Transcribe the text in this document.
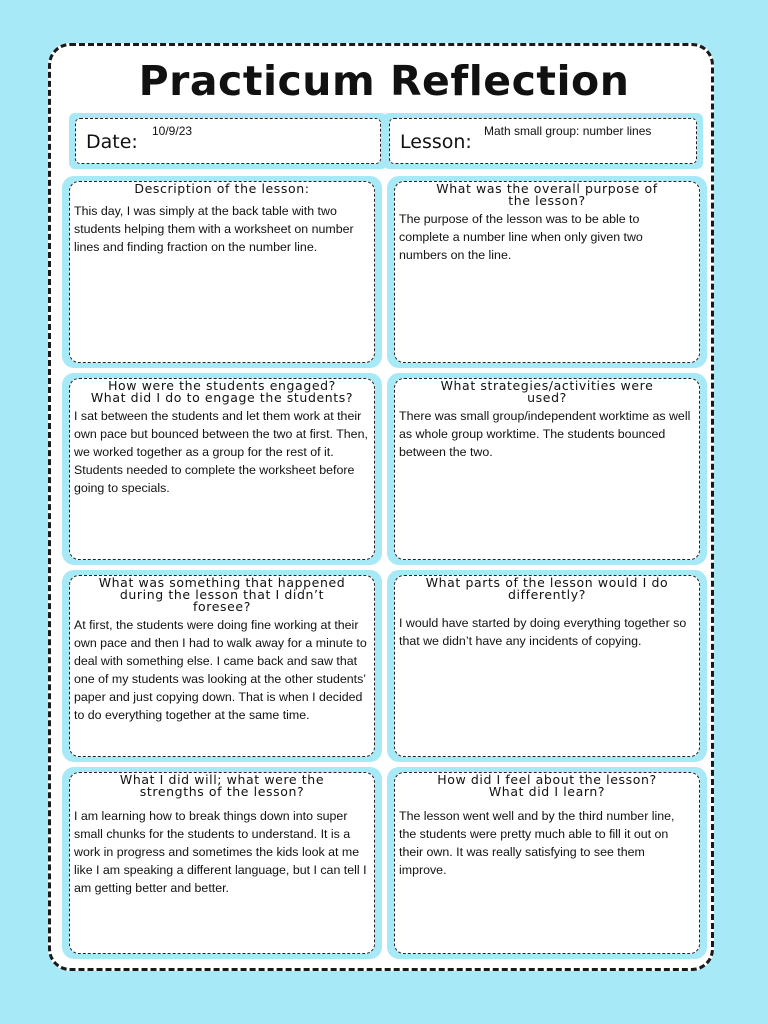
Practicum Reflection
Date: 10/9/23	Lesson: Math small group: number lines
Description of the lesson:
This day, I was simply at the back table with two students helping them with a worksheet on number lines and finding fraction on the number line.
What was the overall purpose of
the lesson?
The purpose of the lesson was to be able to complete a number line when only given two numbers on the line.
How were the students engaged?
What did I do to engage the students?
I sat between the students and let them work at their own pace but bounced between the two at first. Then, we worked together as a group for the rest of it. Students needed to complete the worksheet before going to specials.
What strategies/activities were
used?
There was small group/independent worktime as well as whole group worktime. The students bounced between the two.
What was something that happened
during the lesson that I didn’t
foresee?
At first, the students were doing fine working at their own pace and then I had to walk away for a minute to deal with something else. I came back and saw that one of my students was looking at the other students’ paper and just copying down. That is when I decided to do everything together at the same time.
What parts of the lesson would I do
differently?
I would have started by doing everything together so that we didn’t have any incidents of copying.
What I did will; what were the
strengths of the lesson?
I am learning how to break things down into super small chunks for the students to understand. It is a work in progress and sometimes the kids look at me like I am speaking a different language, but I can tell I am getting better and better.
How did I feel about the lesson?
What did I learn?
The lesson went well and by the third number line, the students were pretty much able to fill it out on their own. It was really satisfying to see them improve.
